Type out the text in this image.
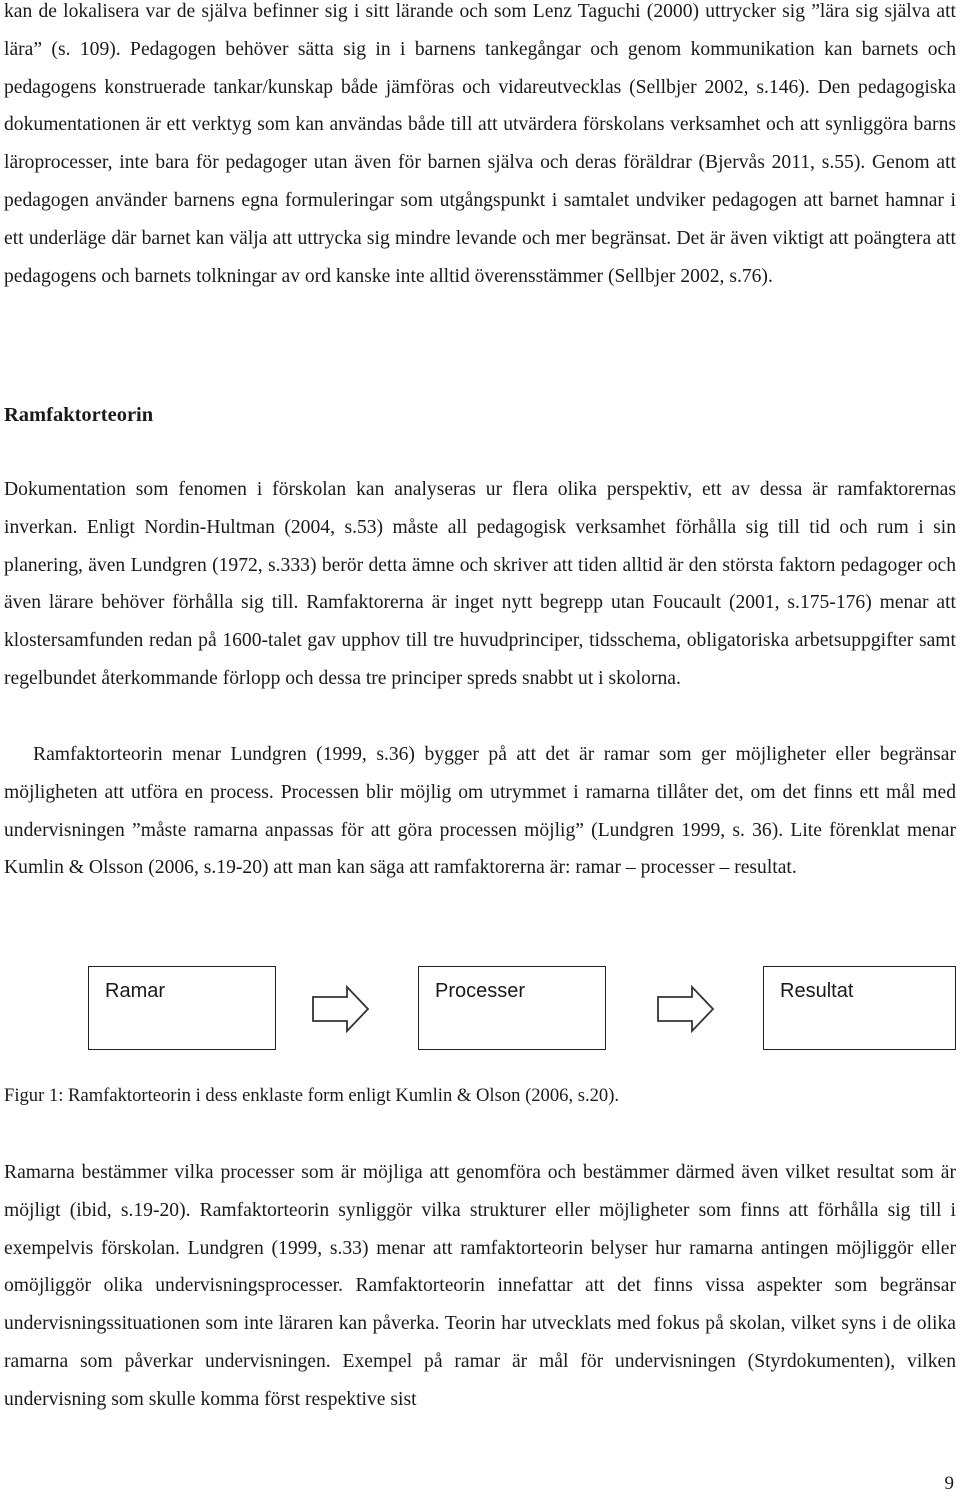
kan de lokalisera var de själva befinner sig i sitt lärande och som Lenz Taguchi (2000) uttrycker sig ”lära sig själva att lära” (s. 109). Pedagogen behöver sätta sig in i barnens tankegångar och genom kommunikation kan barnets och pedagogens konstruerade tankar/kunskap både jämföras och vidareutvecklas (Sellbjer 2002, s.146). Den pedagogiska dokumentationen är ett verktyg som kan användas både till att utvärdera förskolans verksamhet och att synliggöra barns läroprocesser, inte bara för pedagoger utan även för barnen själva och deras föräldrar (Bjervås 2011, s.55). Genom att pedagogen använder barnens egna formuleringar som utgångspunkt i samtalet undviker pedagogen att barnet hamnar i ett underläge där barnet kan välja att uttrycka sig mindre levande och mer begränsat. Det är även viktigt att poängtera att pedagogens och barnets tolkningar av ord kanske inte alltid överensstämmer (Sellbjer 2002, s.76).

Ramfaktorteorin

Dokumentation som fenomen i förskolan kan analyseras ur flera olika perspektiv, ett av dessa är ramfaktorernas inverkan. Enligt Nordin-Hultman (2004, s.53) måste all pedagogisk verksamhet förhålla sig till tid och rum i sin planering, även Lundgren (1972, s.333) berör detta ämne och skriver att tiden alltid är den största faktorn pedagoger och även lärare behöver förhålla sig till. Ramfaktorerna är inget nytt begrepp utan Foucault (2001, s.175-176) menar att klostersamfunden redan på 1600-talet gav upphov till tre huvudprinciper, tidsschema, obligatoriska arbetsuppgifter samt regelbundet återkommande förlopp och dessa tre principer spreds snabbt ut i skolorna.

Ramfaktorteorin menar Lundgren (1999, s.36) bygger på att det är ramar som ger möjligheter eller begränsar möjligheten att utföra en process. Processen blir möjlig om utrymmet i ramarna tillåter det, om det finns ett mål med undervisningen ”måste ramarna anpassas för att göra processen möjlig” (Lundgren 1999, s. 36). Lite förenklat menar Kumlin & Olsson (2006, s.19-20) att man kan säga att ramfaktorerna är: ramar – processer – resultat.

Ramar	Processer	Resultat

Figur 1: Ramfaktorteorin i dess enklaste form enligt Kumlin & Olson (2006, s.20).

Ramarna bestämmer vilka processer som är möjliga att genomföra och bestämmer därmed även vilket resultat som är möjligt (ibid, s.19-20). Ramfaktorteorin synliggör vilka strukturer eller möjligheter som finns att förhålla sig till i exempelvis förskolan. Lundgren (1999, s.33) menar att ramfaktorteorin belyser hur ramarna antingen möjliggör eller omöjliggör olika undervisningsprocesser. Ramfaktorteorin innefattar att det finns vissa aspekter som begränsar undervisningssituationen som inte läraren kan påverka. Teorin har utvecklats med fokus på skolan, vilket syns i de olika ramarna som påverkar undervisningen. Exempel på ramar är mål för undervisningen (Styrdokumenten), vilken undervisning som skulle komma först respektive sist

9
